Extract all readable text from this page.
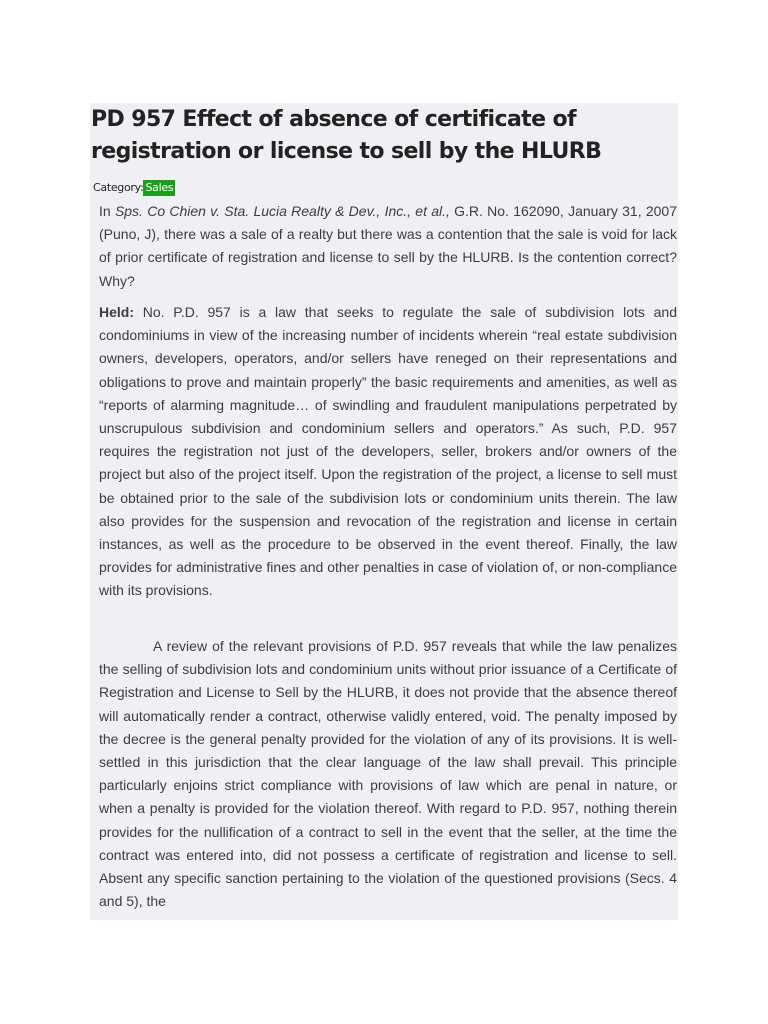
PD 957 Effect of absence of certificate of registration or license to sell by the HLURB
Category: Sales

In Sps. Co Chien v. Sta. Lucia Realty & Dev., Inc., et al., G.R. No. 162090, January 31, 2007 (Puno, J), there was a sale of a realty but there was a contention that the sale is void for lack of prior certificate of registration and license to sell by the HLURB. Is the contention correct? Why?

Held: No. P.D. 957 is a law that seeks to regulate the sale of subdivision lots and condominiums in view of the increasing number of incidents wherein “real estate subdivision owners, developers, operators, and/or sellers have reneged on their representations and obligations to prove and maintain properly” the basic requirements and amenities, as well as “reports of alarming magnitude… of swindling and fraudulent manipulations perpetrated by unscrupulous subdivision and condominium sellers and operators.” As such, P.D. 957 requires the registration not just of the developers, seller, brokers and/or owners of the project but also of the project itself. Upon the registration of the project, a license to sell must be obtained prior to the sale of the subdivision lots or condominium units therein. The law also provides for the suspension and revocation of the registration and license in certain instances, as well as the procedure to be observed in the event thereof. Finally, the law provides for administrative fines and other penalties in case of violation of, or non-compliance with its provisions.

A review of the relevant provisions of P.D. 957 reveals that while the law penalizes the selling of subdivision lots and condominium units without prior issuance of a Certificate of Registration and License to Sell by the HLURB, it does not provide that the absence thereof will automatically render a contract, otherwise validly entered, void. The penalty imposed by the decree is the general penalty provided for the violation of any of its provisions. It is well-settled in this jurisdiction that the clear language of the law shall prevail. This principle particularly enjoins strict compliance with provisions of law which are penal in nature, or when a penalty is provided for the violation thereof. With regard to P.D. 957, nothing therein provides for the nullification of a contract to sell in the event that the seller, at the time the contract was entered into, did not possess a certificate of registration and license to sell. Absent any specific sanction pertaining to the violation of the questioned provisions (Secs. 4 and 5), the
